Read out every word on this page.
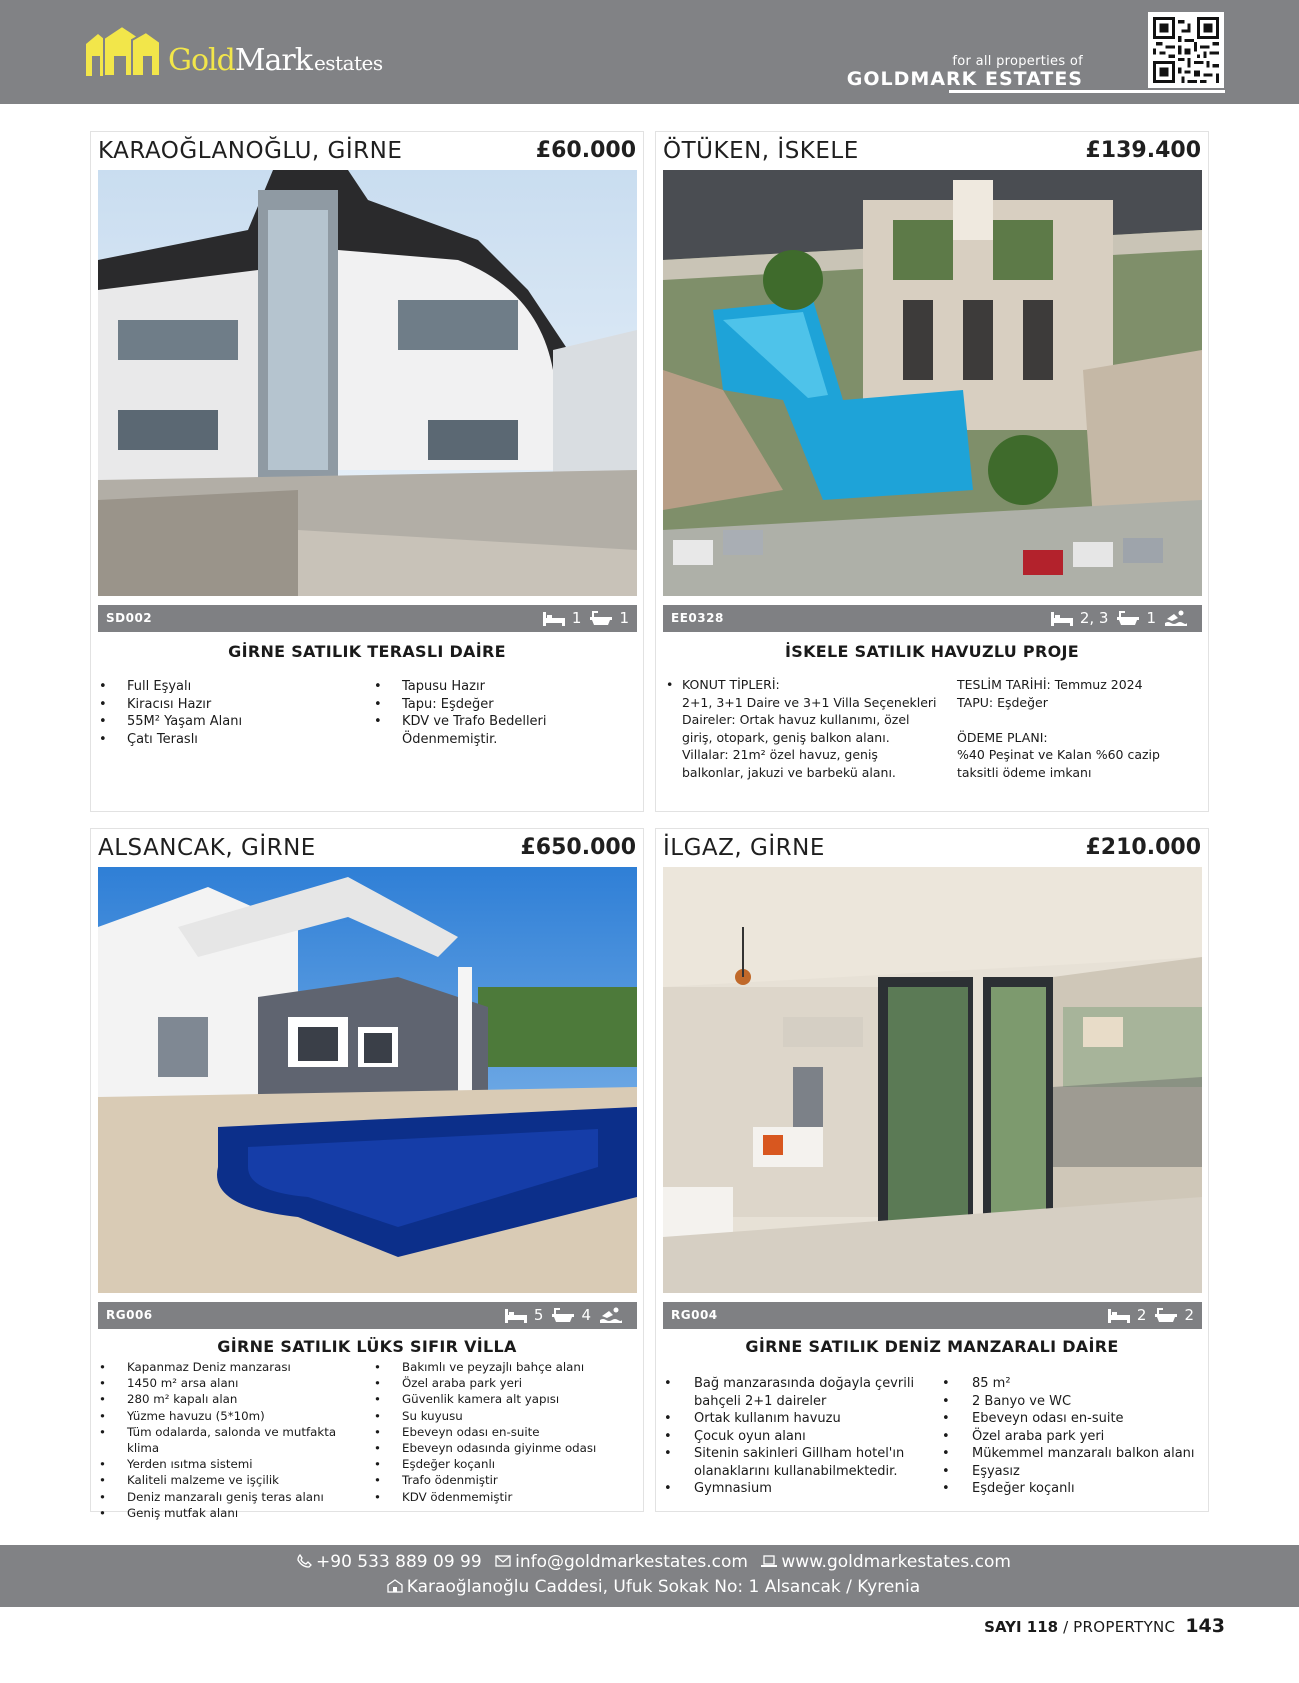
GoldMark estates	for all properties of
GOLDMARK ESTATES
KARAOĞLANOĞLU, GİRNE	£60.000
SD002	1	1
GİRNE SATILIK TERASLI DAİRE
• Full Eşyalı
• Kiracısı Hazır
• 55M² Yaşam Alanı
• Çatı Teraslı
• Tapusu Hazır
• Tapu: Eşdeğer
• KDV ve Trafo Bedelleri Ödenmemiştir.
ÖTÜKEN, İSKELE	£139.400
EE0328	2, 3	1
İSKELE SATILIK HAVUZLU PROJE
• KONUT TİPLERİ:
2+1, 3+1 Daire ve 3+1 Villa Seçenekleri
Daireler: Ortak havuz kullanımı, özel
giriş, otopark, geniş balkon alanı.
Villalar: 21m² özel havuz, geniş
balkonlar, jakuzi ve barbekü alanı.

TESLİM TARİHİ: Temmuz 2024

TAPU: Eşdeğer

ÖDEME PLANI:

%40 Peşinat ve Kalan %60 cazip

taksitli ödeme imkanı

ALSANCAK, GİRNE	£650.000
RG006	5	4
GİRNE SATILIK LÜKS SIFIR VİLLA
• Kapanmaz Deniz manzarası
• 1450 m² arsa alanı
• 280 m² kapalı alan
• Yüzme havuzu (5*10m)
• Tüm odalarda, salonda ve mutfakta klima
• Yerden ısıtma sistemi
• Kaliteli malzeme ve işçilik
• Deniz manzaralı geniş teras alanı
• Geniş mutfak alanı
• Bakımlı ve peyzajlı bahçe alanı
• Özel araba park yeri
• Güvenlik kamera alt yapısı
• Su kuyusu
• Ebeveyn odası en-suite
• Ebeveyn odasında giyinme odası
• Eşdeğer koçanlı
• Trafo ödenmiştir
• KDV ödenmemiştir
İLGAZ, GİRNE	£210.000
RG004	2	2
GİRNE SATILIK DENİZ MANZARALI DAİRE
• Bağ manzarasında doğayla çevrili bahçeli 2+1 daireler
• Ortak kullanım havuzu
• Çocuk oyun alanı
• Sitenin sakinleri Gillham hotel'ın olanaklarını kullanabilmektedir.
• Gymnasium
• 85 m²
• 2 Banyo ve WC
• Ebeveyn odası en-suite
• Özel araba park yeri
• Mükemmel manzaralı balkon alanı
• Eşyasız
• Eşdeğer koçanlı
+90 533 889 09 99 info@goldmarkestates.com www.goldmarkestates.com
Karaoğlanoğlu Caddesi, Ufuk Sokak No: 1 Alsancak / Kyrenia
SAYI 118 / PROPERTYNC 143
